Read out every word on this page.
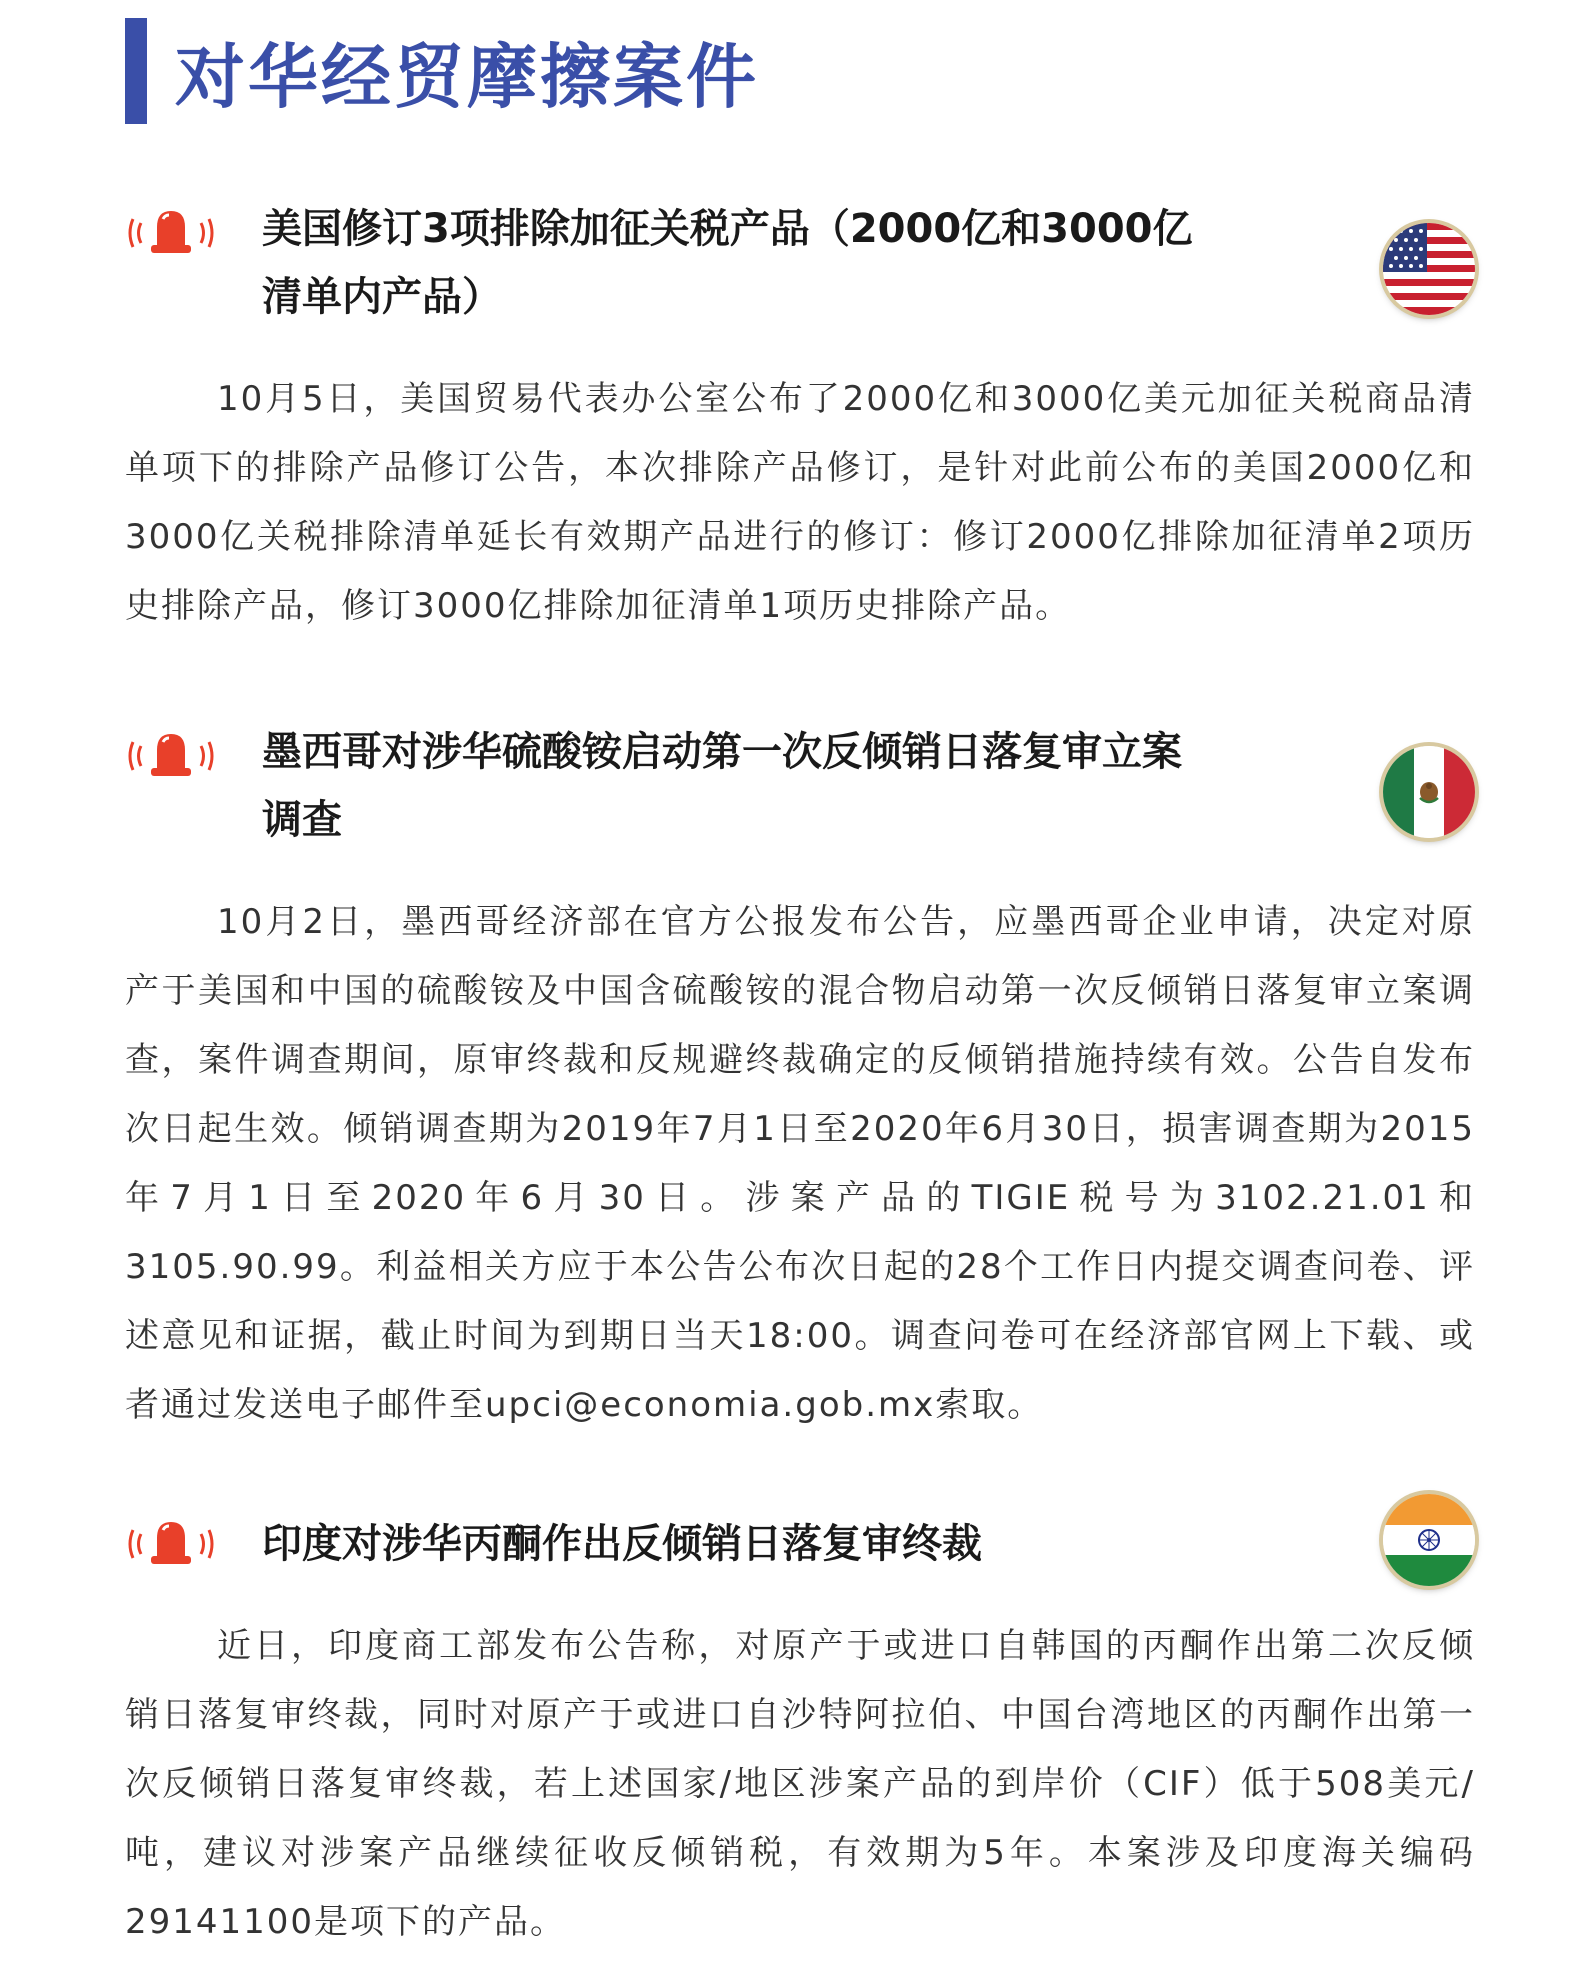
对华经贸摩擦案件
美国修订3项排除加征关税产品（2000亿和3000亿
清单内产品）
10月5日，美国贸易代表办公室公布了2000亿和3000亿美元加征关税商品清单项下的排除产品修订公告，本次排除产品修订，是针对此前公布的美国2000亿和3000亿关税排除清单延长有效期产品进行的修订：修订2000亿排除加征清单2项历史排除产品，修订3000亿排除加征清单1项历史排除产品。
墨西哥对涉华硫酸铵启动第一次反倾销日落复审立案
调查
10月2日，墨西哥经济部在官方公报发布公告，应墨西哥企业申请，决定对原产于美国和中国的硫酸铵及中国含硫酸铵的混合物启动第一次反倾销日落复审立案调查，案件调查期间，原审终裁和反规避终裁确定的反倾销措施持续有效。公告自发布次日起生效。倾销调查期为2019年7月1日至2020年6月30日，损害调查期为2015年7月1日至2020年6月30日。涉案产品的TIGIE税号为3102.21.01和3105.90.99。利益相关方应于本公告公布次日起的28个工作日内提交调查问卷、评述意见和证据，截止时间为到期日当天18:00。调查问卷可在经济部官网上下载、或者通过发送电子邮件至upci@economia.gob.mx索取。
印度对涉华丙酮作出反倾销日落复审终裁
近日，印度商工部发布公告称，对原产于或进口自韩国的丙酮作出第二次反倾销日落复审终裁，同时对原产于或进口自沙特阿拉伯、中国台湾地区的丙酮作出第一次反倾销日落复审终裁，若上述国家/地区涉案产品的到岸价（CIF）低于508美元/吨，建议对涉案产品继续征收反倾销税，有效期为5年。本案涉及印度海关编码29141100是项下的产品。
